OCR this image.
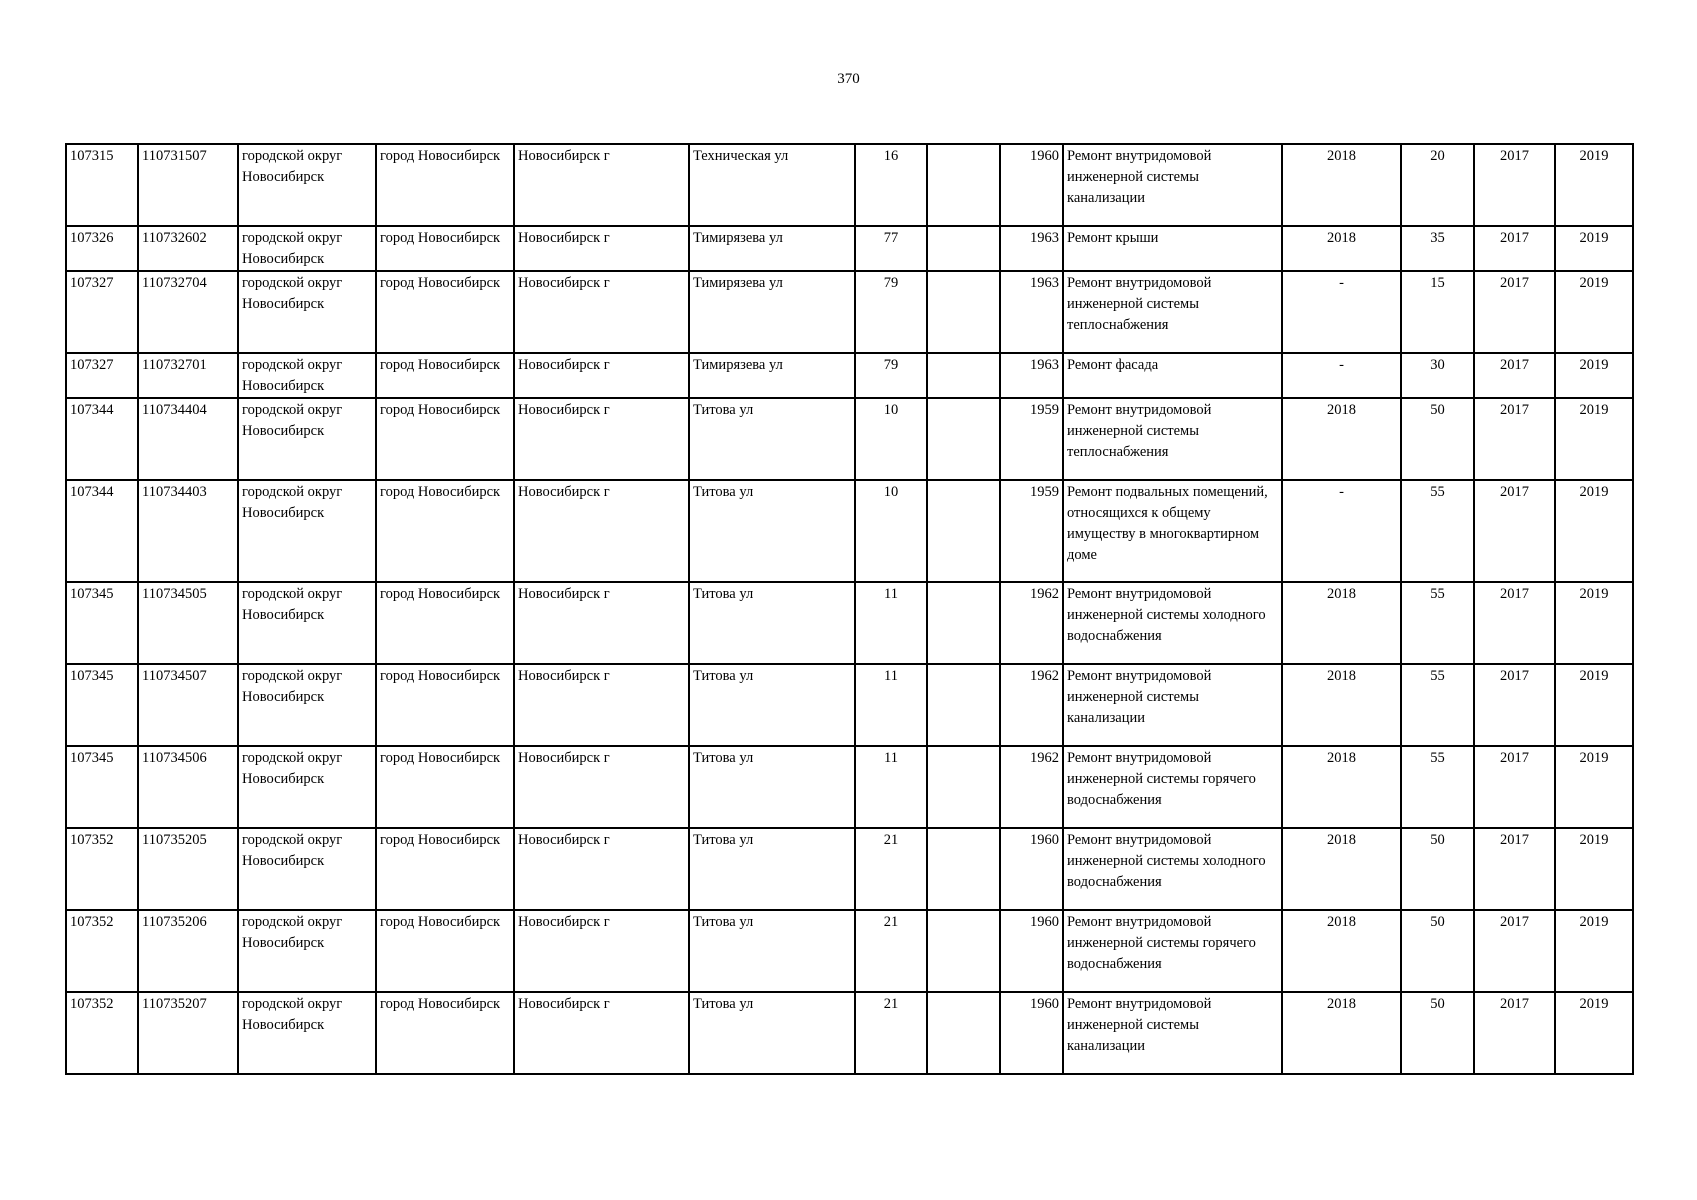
370
107315	110731507	городской округ Новосибирск	город Новосибирск	Новосибирск г	Техническая ул	16		1960	Ремонт внутридомовой инженерной системы канализации	2018	20	2017	2019
107326	110732602	городской округ Новосибирск	город Новосибирск	Новосибирск г	Тимирязева ул	77		1963	Ремонт крыши	2018	35	2017	2019
107327	110732704	городской округ Новосибирск	город Новосибирск	Новосибирск г	Тимирязева ул	79		1963	Ремонт внутридомовой инженерной системы теплоснабжения	-	15	2017	2019
107327	110732701	городской округ Новосибирск	город Новосибирск	Новосибирск г	Тимирязева ул	79		1963	Ремонт фасада	-	30	2017	2019
107344	110734404	городской округ Новосибирск	город Новосибирск	Новосибирск г	Титова ул	10		1959	Ремонт внутридомовой инженерной системы теплоснабжения	2018	50	2017	2019
107344	110734403	городской округ Новосибирск	город Новосибирск	Новосибирск г	Титова ул	10		1959	Ремонт подвальных помещений, относящихся к общему имуществу в многоквартирном доме	-	55	2017	2019
107345	110734505	городской округ Новосибирск	город Новосибирск	Новосибирск г	Титова ул	11		1962	Ремонт внутридомовой инженерной системы холодного водоснабжения	2018	55	2017	2019
107345	110734507	городской округ Новосибирск	город Новосибирск	Новосибирск г	Титова ул	11		1962	Ремонт внутридомовой инженерной системы канализации	2018	55	2017	2019
107345	110734506	городской округ Новосибирск	город Новосибирск	Новосибирск г	Титова ул	11		1962	Ремонт внутридомовой инженерной системы горячего водоснабжения	2018	55	2017	2019
107352	110735205	городской округ Новосибирск	город Новосибирск	Новосибирск г	Титова ул	21		1960	Ремонт внутридомовой инженерной системы холодного водоснабжения	2018	50	2017	2019
107352	110735206	городской округ Новосибирск	город Новосибирск	Новосибирск г	Титова ул	21		1960	Ремонт внутридомовой инженерной системы горячего водоснабжения	2018	50	2017	2019
107352	110735207	городской округ Новосибирск	город Новосибирск	Новосибирск г	Титова ул	21		1960	Ремонт внутридомовой инженерной системы канализации	2018	50	2017	2019
